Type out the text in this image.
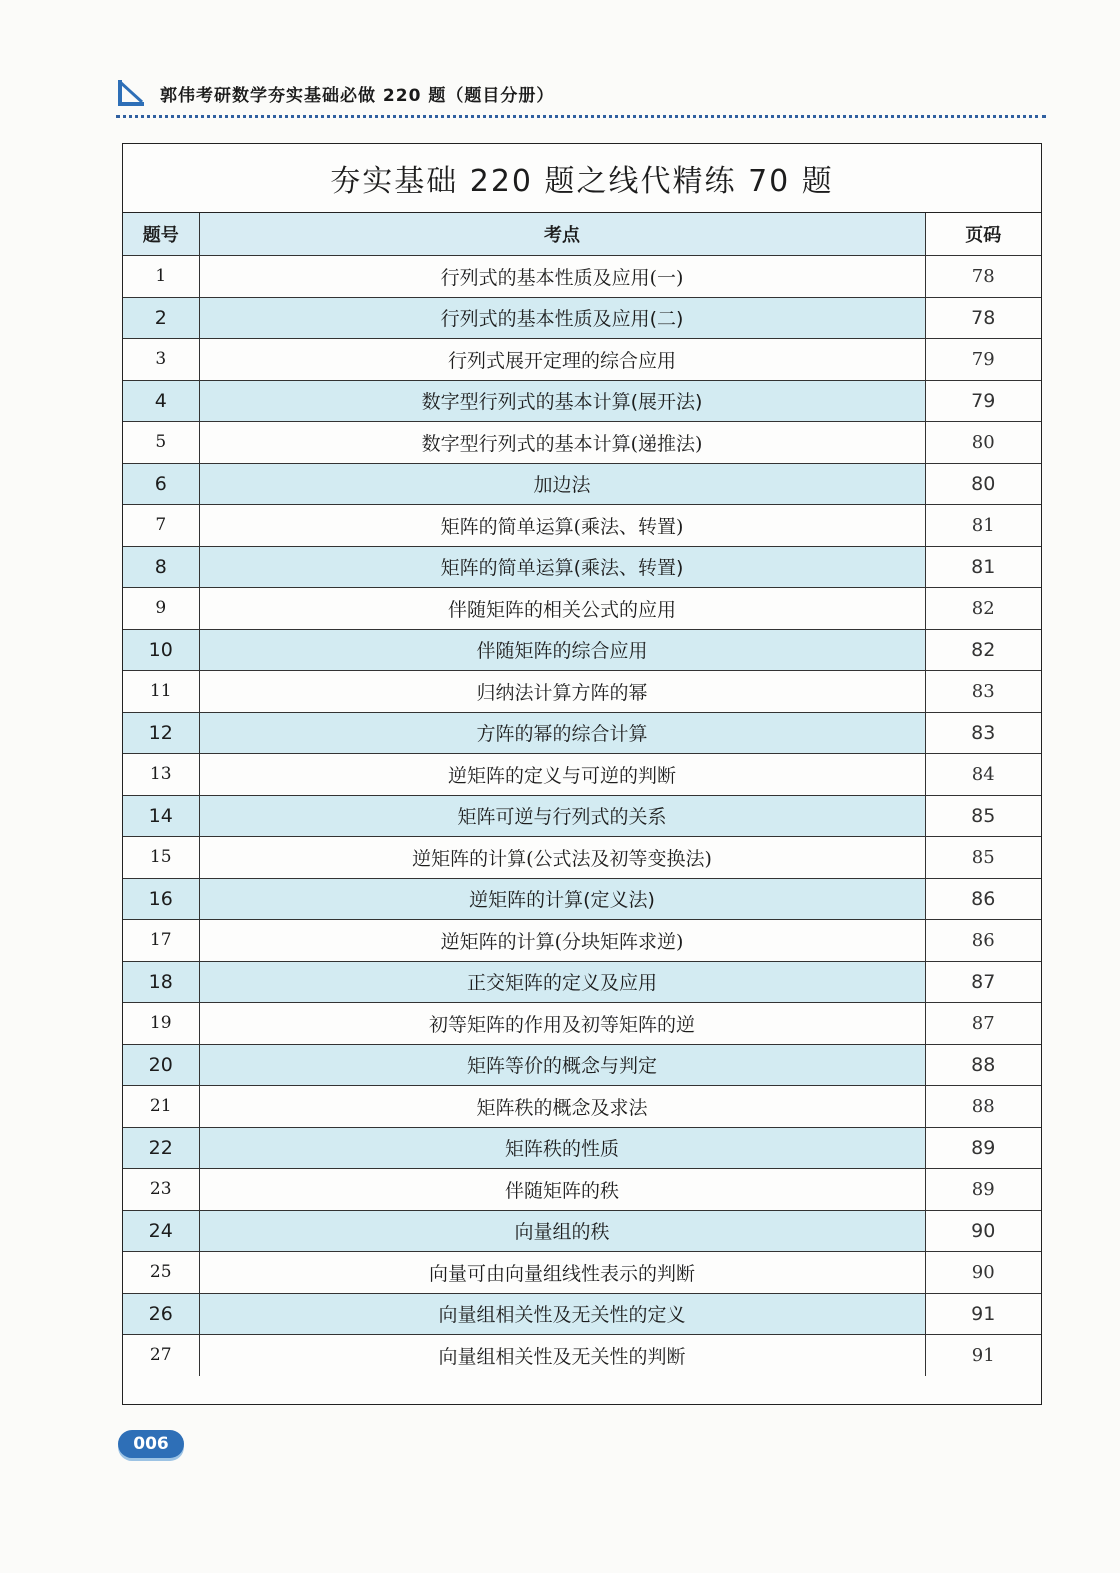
郭伟考研数学夯实基础必做 220 题（题目分册）
夯实基础 220 题之线代精练 70 题
题号	考点	页码
1	行列式的基本性质及应用(一)	78
2	行列式的基本性质及应用(二)	78
3	行列式展开定理的综合应用	79
4	数字型行列式的基本计算(展开法)	79
5	数字型行列式的基本计算(递推法)	80
6	加边法	80
7	矩阵的简单运算(乘法、转置)	81
8	矩阵的简单运算(乘法、转置)	81
9	伴随矩阵的相关公式的应用	82
10	伴随矩阵的综合应用	82
11	归纳法计算方阵的幂	83
12	方阵的幂的综合计算	83
13	逆矩阵的定义与可逆的判断	84
14	矩阵可逆与行列式的关系	85
15	逆矩阵的计算(公式法及初等变换法)	85
16	逆矩阵的计算(定义法)	86
17	逆矩阵的计算(分块矩阵求逆)	86
18	正交矩阵的定义及应用	87
19	初等矩阵的作用及初等矩阵的逆	87
20	矩阵等价的概念与判定	88
21	矩阵秩的概念及求法	88
22	矩阵秩的性质	89
23	伴随矩阵的秩	89
24	向量组的秩	90
25	向量可由向量组线性表示的判断	90
26	向量组相关性及无关性的定义	91
27	向量组相关性及无关性的判断	91
006
